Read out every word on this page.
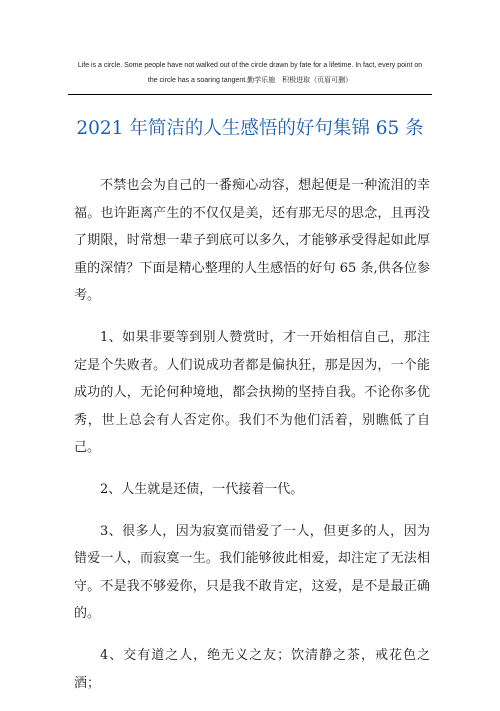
Life is a circle. Some people have not walked out of the circle drawn by fate for a lifetime. In fact, every point on
the circle has a soaring tangent.勤学乐施　积极进取（页眉可删）
2021 年简洁的人生感悟的好句集锦 65 条

不禁也会为自己的一番痴心动容，想起便是一种流泪的幸福。也许距离产生的不仅仅是美，还有那无尽的思念，且再没了期限，时常想一辈子到底可以多久，才能够承受得起如此厚重的深情？下面是精心整理的人生感悟的好句 65 条,供各位参考。

1、如果非要等到别人赞赏时，才一开始相信自己，那注定是个失败者。人们说成功者都是偏执狂，那是因为，一个能成功的人，无论何种境地，都会执拗的坚持自我。不论你多优秀，世上总会有人否定你。我们不为他们活着，别瞧低了自己。

2、人生就是还债，一代接着一代。

3、很多人，因为寂寞而错爱了一人，但更多的人，因为错爱一人，而寂寞一生。我们能够彼此相爱，却注定了无法相守。不是我不够爱你，只是我不敢肯定，这爱，是不是最正确的。

4、交有道之人，绝无义之友；饮清静之茶，戒花色之酒；
